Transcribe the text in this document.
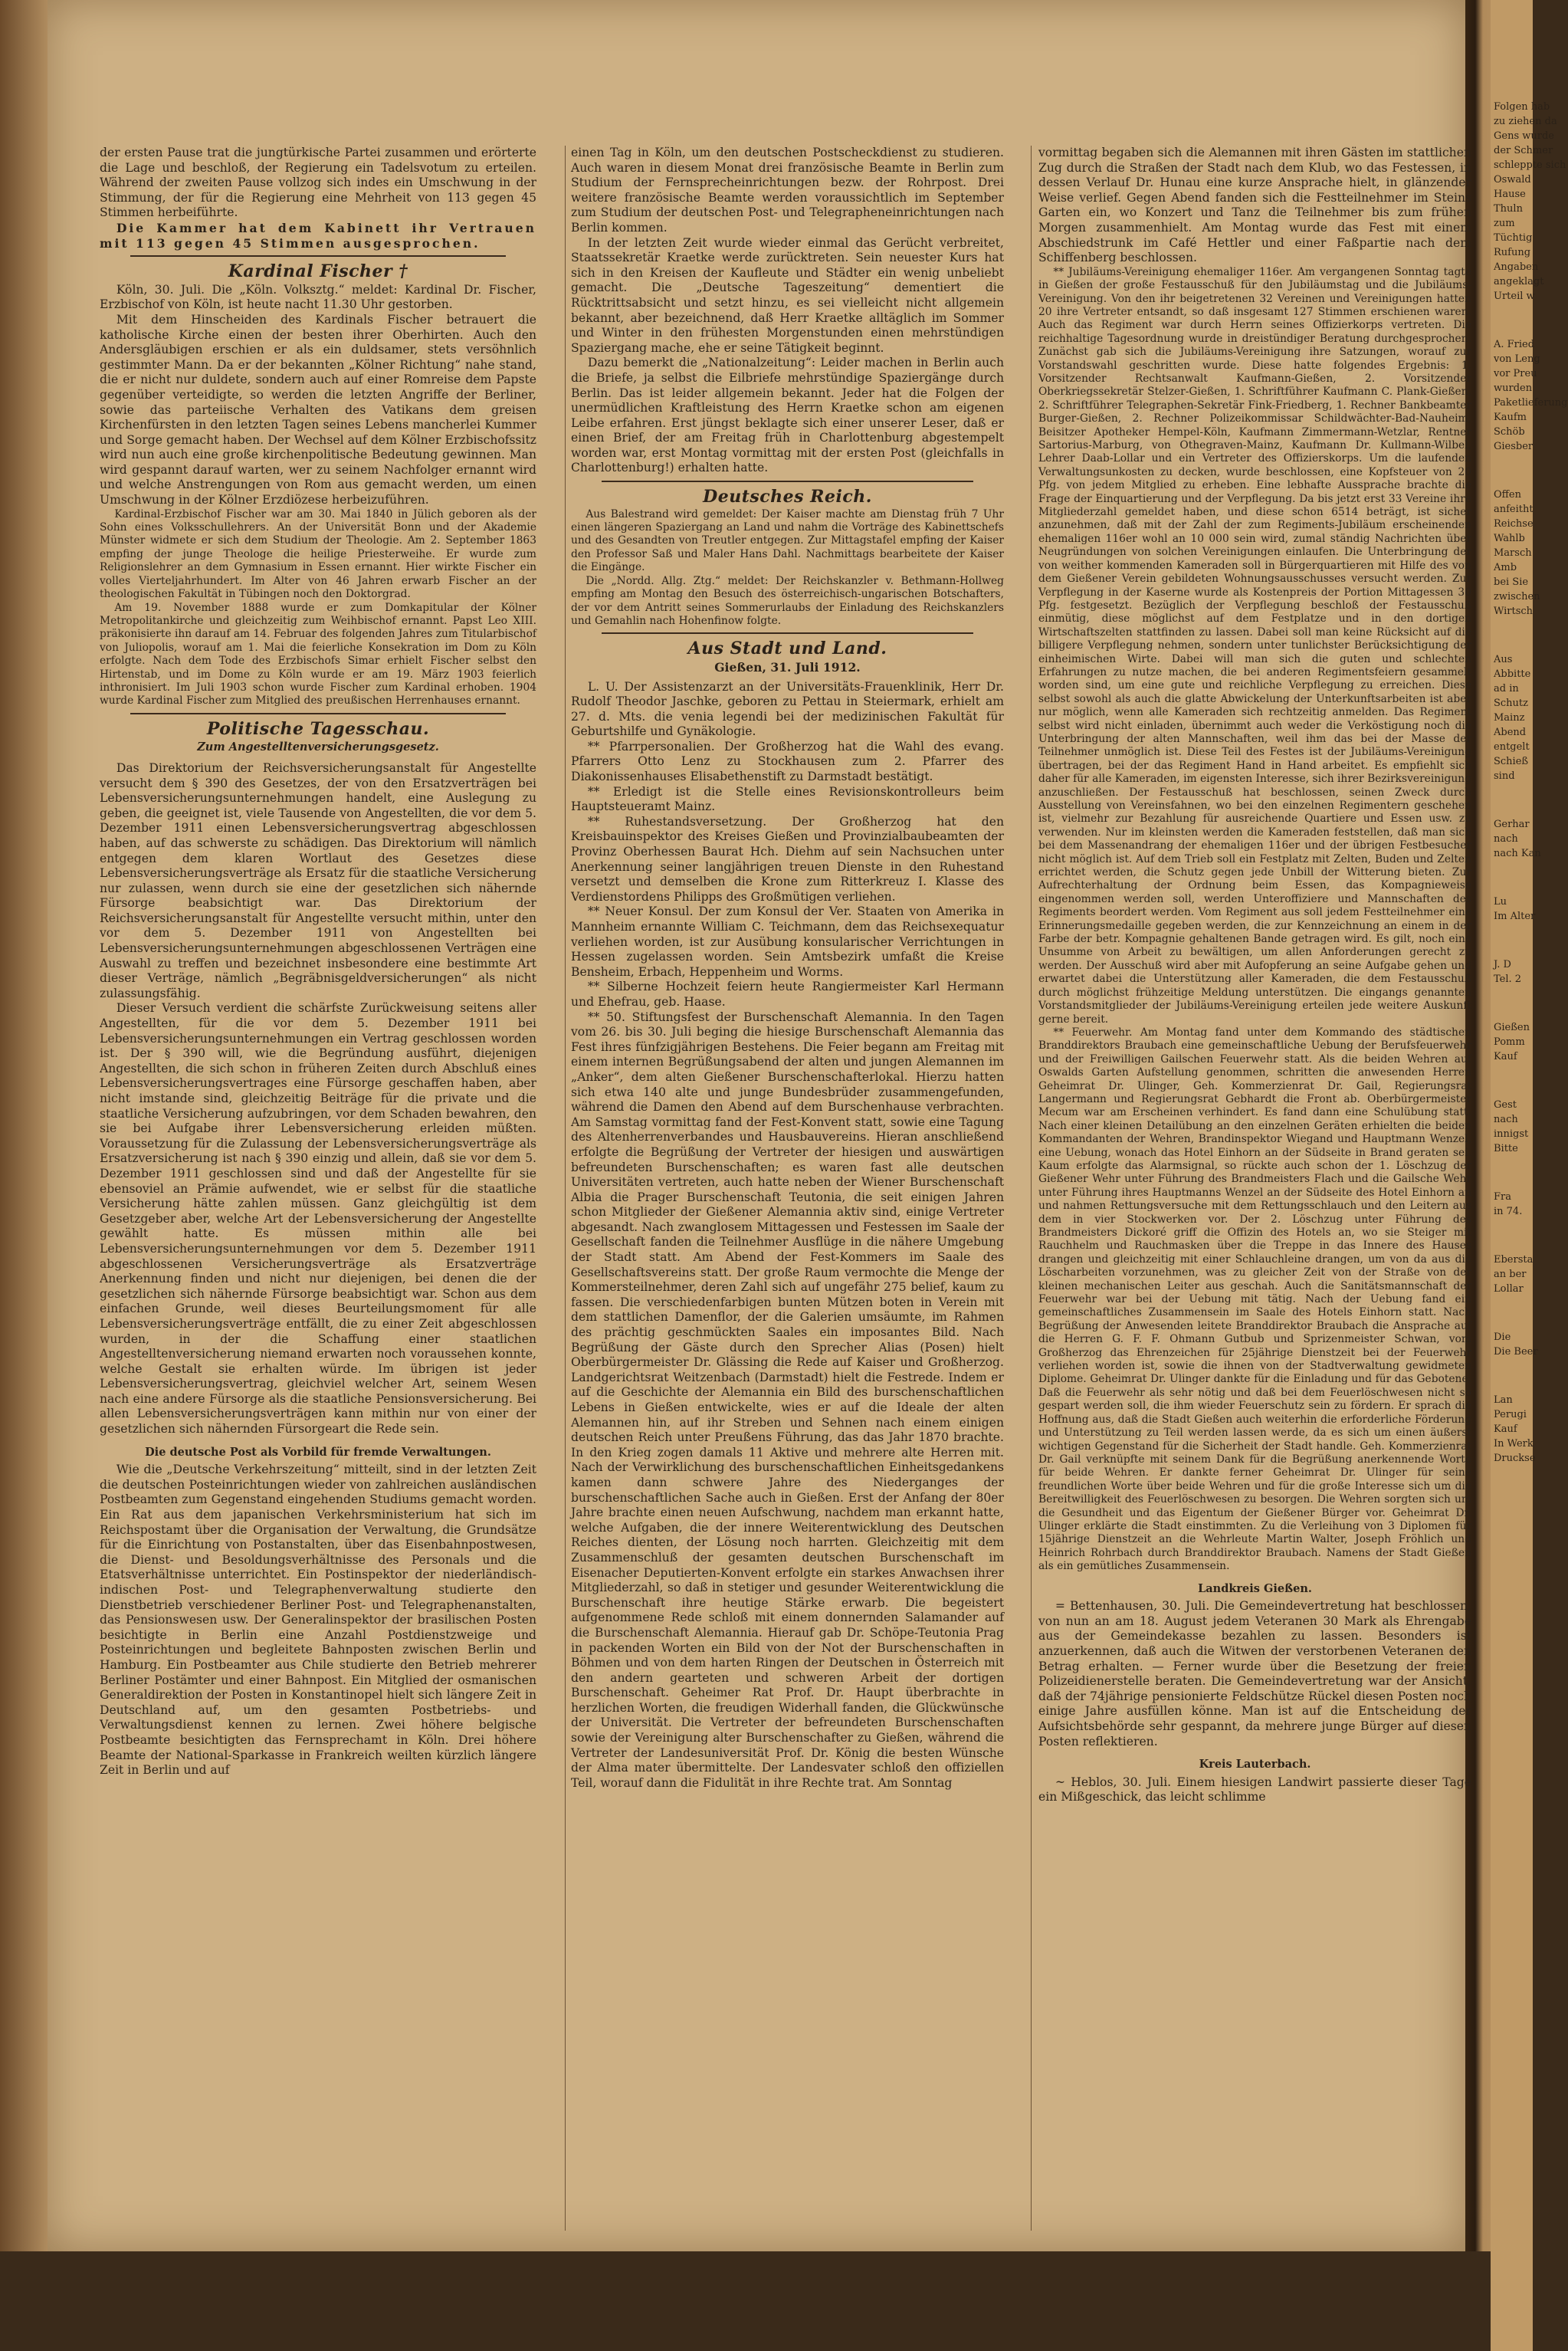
der ersten Pause trat die jungtürkische Partei zusammen und erörterte die Lage und beschloß, der Regierung ein Tadelsvotum zu erteilen. Während der zweiten Pause vollzog sich indes ein Umschwung in der Stimmung, der für die Regierung eine Mehrheit von 113 gegen 45 Stimmen herbeiführte.

Die Kammer hat dem Kabinett ihr Vertrauen mit 113 gegen 45 Stimmen ausgesprochen.

Kardinal Fischer †

Köln, 30. Juli. Die „Köln. Volksztg.“ meldet: Kardinal Dr. Fischer, Erzbischof von Köln, ist heute nacht 11.30 Uhr gestorben.

Mit dem Hinscheiden des Kardinals Fischer betrauert die katholische Kirche einen der besten ihrer Oberhirten. Auch den Andersgläubigen erschien er als ein duldsamer, stets versöhnlich gestimmter Mann. Da er der bekannten „Kölner Richtung“ nahe stand, die er nicht nur duldete, sondern auch auf einer Romreise dem Papste gegenüber verteidigte, so werden die letzten Angriffe der Berliner, sowie das parteiische Verhalten des Vatikans dem greisen Kirchenfürsten in den letzten Tagen seines Lebens mancherlei Kummer und Sorge gemacht haben. Der Wechsel auf dem Kölner Erzbischofssitz wird nun auch eine große kirchenpolitische Bedeutung gewinnen. Man wird gespannt darauf warten, wer zu seinem Nachfolger ernannt wird und welche Anstrengungen von Rom aus gemacht werden, um einen Umschwung in der Kölner Erzdiözese herbeizuführen.

Kardinal-Erzbischof Fischer war am 30. Mai 1840 in Jülich geboren als der Sohn eines Volksschullehrers. An der Universität Bonn und der Akademie Münster widmete er sich dem Studium der Theologie. Am 2. September 1863 empfing der junge Theologe die heilige Priesterweihe. Er wurde zum Religionslehrer an dem Gymnasium in Essen ernannt. Hier wirkte Fischer ein volles Vierteljahrhundert. Im Alter von 46 Jahren erwarb Fischer an der theologischen Fakultät in Tübingen noch den Doktorgrad.

Am 19. November 1888 wurde er zum Domkapitular der Kölner Metropolitankirche und gleichzeitig zum Weihbischof ernannt. Papst Leo XIII. präkonisierte ihn darauf am 14. Februar des folgenden Jahres zum Titularbischof von Juliopolis, worauf am 1. Mai die feierliche Konsekration im Dom zu Köln erfolgte. Nach dem Tode des Erzbischofs Simar erhielt Fischer selbst den Hirtenstab, und im Dome zu Köln wurde er am 19. März 1903 feierlich inthronisiert. Im Juli 1903 schon wurde Fischer zum Kardinal erhoben. 1904 wurde Kardinal Fischer zum Mitglied des preußischen Herrenhauses ernannt.

Politische Tagesschau.
Zum Angestelltenversicherungsgesetz.

Das Direktorium der Reichsversicherungsanstalt für Angestellte versucht dem § 390 des Gesetzes, der von den Ersatzverträgen bei Lebensversicherungsunternehmungen handelt, eine Auslegung zu geben, die geeignet ist, viele Tausende von Angestellten, die vor dem 5. Dezember 1911 einen Lebensversicherungsvertrag abgeschlossen haben, auf das schwerste zu schädigen. Das Direktorium will nämlich entgegen dem klaren Wortlaut des Gesetzes diese Lebensversicherungsverträge als Ersatz für die staatliche Versicherung nur zulassen, wenn durch sie eine der gesetzlichen sich nähernde Fürsorge beabsichtigt war. Das Direktorium der Reichsversicherungsanstalt für Angestellte versucht mithin, unter den vor dem 5. Dezember 1911 von Angestellten bei Lebensversicherungsunternehmungen abgeschlossenen Verträgen eine Auswahl zu treffen und bezeichnet insbesondere eine bestimmte Art dieser Verträge, nämlich „Begräbnisgeldversicherungen“ als nicht zulassungsfähig.

Dieser Versuch verdient die schärfste Zurückweisung seitens aller Angestellten, für die vor dem 5. Dezember 1911 bei Lebensversicherungsunternehmungen ein Vertrag geschlossen worden ist. Der § 390 will, wie die Begründung ausführt, diejenigen Angestellten, die sich schon in früheren Zeiten durch Abschluß eines Lebensversicherungsvertrages eine Fürsorge geschaffen haben, aber nicht imstande sind, gleichzeitig Beiträge für die private und die staatliche Versicherung aufzubringen, vor dem Schaden bewahren, den sie bei Aufgabe ihrer Lebensversicherung erleiden müßten. Voraussetzung für die Zulassung der Lebensversicherungsverträge als Ersatzversicherung ist nach § 390 einzig und allein, daß sie vor dem 5. Dezember 1911 geschlossen sind und daß der Angestellte für sie ebensoviel an Prämie aufwendet, wie er selbst für die staatliche Versicherung hätte zahlen müssen. Ganz gleichgültig ist dem Gesetzgeber aber, welche Art der Lebensversicherung der Angestellte gewählt hatte. Es müssen mithin alle bei Lebensversicherungsunternehmungen vor dem 5. Dezember 1911 abgeschlossenen Versicherungsverträge als Ersatzverträge Anerkennung finden und nicht nur diejenigen, bei denen die der gesetzlichen sich nähernde Fürsorge beabsichtigt war. Schon aus dem einfachen Grunde, weil dieses Beurteilungsmoment für alle Lebensversicherungsverträge entfällt, die zu einer Zeit abgeschlossen wurden, in der die Schaffung einer staatlichen Angestelltenversicherung niemand erwarten noch voraussehen konnte, welche Gestalt sie erhalten würde. Im übrigen ist jeder Lebensversicherungsvertrag, gleichviel welcher Art, seinem Wesen nach eine andere Fürsorge als die staatliche Pensionsversicherung. Bei allen Lebensversicherungsverträgen kann mithin nur von einer der gesetzlichen sich nähernden Fürsorgeart die Rede sein.

Die deutsche Post als Vorbild für fremde Verwaltungen.

Wie die „Deutsche Verkehrszeitung“ mitteilt, sind in der letzten Zeit die deutschen Posteinrichtungen wieder von zahlreichen ausländischen Postbeamten zum Gegenstand eingehenden Studiums gemacht worden. Ein Rat aus dem japanischen Verkehrsministerium hat sich im Reichspostamt über die Organisation der Verwaltung, die Grundsätze für die Einrichtung von Postanstalten, über das Eisenbahnpostwesen, die Dienst- und Besoldungsverhältnisse des Personals und die Etatsverhältnisse unterrichtet. Ein Postinspektor der niederländisch-indischen Post- und Telegraphenverwaltung studierte den Dienstbetrieb verschiedener Berliner Post- und Telegraphenanstalten, das Pensionswesen usw. Der Generalinspektor der brasilischen Posten besichtigte in Berlin eine Anzahl Postdienstzweige und Posteinrichtungen und begleitete Bahnposten zwischen Berlin und Hamburg. Ein Postbeamter aus Chile studierte den Betrieb mehrerer Berliner Postämter und einer Bahnpost. Ein Mitglied der osmanischen Generaldirektion der Posten in Konstantinopel hielt sich längere Zeit in Deutschland auf, um den gesamten Postbetriebs- und Verwaltungsdienst kennen zu lernen. Zwei höhere belgische Postbeamte besichtigten das Fernsprechamt in Köln. Drei höhere Beamte der National-Sparkasse in Frankreich weilten kürzlich längere Zeit in Berlin und auf

einen Tag in Köln, um den deutschen Postscheckdienst zu studieren. Auch waren in diesem Monat drei französische Beamte in Berlin zum Studium der Fernsprecheinrichtungen bezw. der Rohrpost. Drei weitere französische Beamte werden voraussichtlich im September zum Studium der deutschen Post- und Telegrapheneinrichtungen nach Berlin kommen.

In der letzten Zeit wurde wieder einmal das Gerücht verbreitet, Staatssekretär Kraetke werde zurücktreten. Sein neuester Kurs hat sich in den Kreisen der Kaufleute und Städter ein wenig unbeliebt gemacht. Die „Deutsche Tageszeitung“ dementiert die Rücktrittsabsicht und setzt hinzu, es sei vielleicht nicht allgemein bekannt, aber bezeichnend, daß Herr Kraetke alltäglich im Sommer und Winter in den frühesten Morgenstunden einen mehrstündigen Spaziergang mache, ehe er seine Tätigkeit beginnt.

Dazu bemerkt die „Nationalzeitung“: Leider machen in Berlin auch die Briefe, ja selbst die Eilbriefe mehrstündige Spaziergänge durch Berlin. Das ist leider allgemein bekannt. Jeder hat die Folgen der unermüdlichen Kraftleistung des Herrn Kraetke schon am eigenen Leibe erfahren. Erst jüngst beklagte sich einer unserer Leser, daß er einen Brief, der am Freitag früh in Charlottenburg abgestempelt worden war, erst Montag vormittag mit der ersten Post (gleichfalls in Charlottenburg!) erhalten hatte.

Deutsches Reich.

Aus Balestrand wird gemeldet: Der Kaiser machte am Dienstag früh 7 Uhr einen längeren Spaziergang an Land und nahm die Vorträge des Kabinettschefs und des Gesandten von Treutler entgegen. Zur Mittagstafel empfing der Kaiser den Professor Saß und Maler Hans Dahl. Nachmittags bearbeitete der Kaiser die Eingänge.

Die „Nordd. Allg. Ztg.“ meldet: Der Reichskanzler v. Bethmann-Hollweg empfing am Montag den Besuch des österreichisch-ungarischen Botschafters, der vor dem Antritt seines Sommerurlaubs der Einladung des Reichskanzlers und Gemahlin nach Hohenfinow folgte.

Aus Stadt und Land.
Gießen, 31. Juli 1912.

L. U. Der Assistenzarzt an der Universitäts-Frauenklinik, Herr Dr. Rudolf Theodor Jaschke, geboren zu Pettau in Steiermark, erhielt am 27. d. Mts. die venia legendi bei der medizinischen Fakultät für Geburtshilfe und Gynäkologie.

** Pfarrpersonalien. Der Großherzog hat die Wahl des evang. Pfarrers Otto Lenz zu Stockhausen zum 2. Pfarrer des Diakonissenhauses Elisabethenstift zu Darmstadt bestätigt.

** Erledigt ist die Stelle eines Revisionskontrolleurs beim Hauptsteueramt Mainz.

** Ruhestandsversetzung. Der Großherzog hat den Kreisbauinspektor des Kreises Gießen und Provinzialbaubeamten der Provinz Oberhessen Baurat Hch. Diehm auf sein Nachsuchen unter Anerkennung seiner langjährigen treuen Dienste in den Ruhestand versetzt und demselben die Krone zum Ritterkreuz I. Klasse des Verdienstordens Philipps des Großmütigen verliehen.

** Neuer Konsul. Der zum Konsul der Ver. Staaten von Amerika in Mannheim ernannte William C. Teichmann, dem das Reichsexequatur verliehen worden, ist zur Ausübung konsularischer Verrichtungen in Hessen zugelassen worden. Sein Amtsbezirk umfaßt die Kreise Bensheim, Erbach, Heppenheim und Worms.

** Silberne Hochzeit feiern heute Rangiermeister Karl Hermann und Ehefrau, geb. Haase.

** 50. Stiftungsfest der Burschenschaft Alemannia. In den Tagen vom 26. bis 30. Juli beging die hiesige Burschenschaft Alemannia das Fest ihres fünfzigjährigen Bestehens. Die Feier begann am Freitag mit einem internen Begrüßungsabend der alten und jungen Alemannen im „Anker“, dem alten Gießener Burschenschafterlokal. Hierzu hatten sich etwa 140 alte und junge Bundesbrüder zusammengefunden, während die Damen den Abend auf dem Burschenhause verbrachten. Am Samstag vormittag fand der Fest-Konvent statt, sowie eine Tagung des Altenherrenverbandes und Hausbauvereins. Hieran anschließend erfolgte die Begrüßung der Vertreter der hiesigen und auswärtigen befreundeten Burschenschaften; es waren fast alle deutschen Universitäten vertreten, auch hatte neben der Wiener Burschenschaft Albia die Prager Burschenschaft Teutonia, die seit einigen Jahren schon Mitglieder der Gießener Alemannia aktiv sind, einige Vertreter abgesandt. Nach zwanglosem Mittagessen und Festessen im Saale der Gesellschaft fanden die Teilnehmer Ausflüge in die nähere Umgebung der Stadt statt. Am Abend der Fest-Kommers im Saale des Gesellschaftsvereins statt. Der große Raum vermochte die Menge der Kommersteilnehmer, deren Zahl sich auf ungefähr 275 belief, kaum zu fassen. Die verschiedenfarbigen bunten Mützen boten in Verein mit dem stattlichen Damenflor, der die Galerien umsäumte, im Rahmen des prächtig geschmückten Saales ein imposantes Bild. Nach Begrüßung der Gäste durch den Sprecher Alias (Posen) hielt Oberbürgermeister Dr. Glässing die Rede auf Kaiser und Großherzog. Landgerichtsrat Weitzenbach (Darmstadt) hielt die Festrede. Indem er auf die Geschichte der Alemannia ein Bild des burschenschaftlichen Lebens in Gießen entwickelte, wies er auf die Ideale der alten Alemannen hin, auf ihr Streben und Sehnen nach einem einigen deutschen Reich unter Preußens Führung, das das Jahr 1870 brachte. In den Krieg zogen damals 11 Aktive und mehrere alte Herren mit. Nach der Verwirklichung des burschenschaftlichen Einheitsgedankens kamen dann schwere Jahre des Niederganges der burschenschaftlichen Sache auch in Gießen. Erst der Anfang der 80er Jahre brachte einen neuen Aufschwung, nachdem man erkannt hatte, welche Aufgaben, die der innere Weiterentwicklung des Deutschen Reiches dienten, der Lösung noch harrten. Gleichzeitig mit dem Zusammenschluß der gesamten deutschen Burschenschaft im Eisenacher Deputierten-Konvent erfolgte ein starkes Anwachsen ihrer Mitgliederzahl, so daß in stetiger und gesunder Weiterentwicklung die Burschenschaft ihre heutige Stärke erwarb. Die begeistert aufgenommene Rede schloß mit einem donnernden Salamander auf die Burschenschaft Alemannia. Hierauf gab Dr. Schöpe-Teutonia Prag in packenden Worten ein Bild von der Not der Burschenschaften in Böhmen und von dem harten Ringen der Deutschen in Österreich mit den andern gearteten und schweren Arbeit der dortigen Burschenschaft. Geheimer Rat Prof. Dr. Haupt überbrachte in herzlichen Worten, die freudigen Widerhall fanden, die Glückwünsche der Universität. Die Vertreter der befreundeten Burschenschaften sowie der Vereinigung alter Burschenschafter zu Gießen, während die Vertreter der Landesuniversität Prof. Dr. König die besten Wünsche der Alma mater übermittelte. Der Landesvater schloß den offiziellen Teil, worauf dann die Fidulität in ihre Rechte trat. Am Sonntag

vormittag begaben sich die Alemannen mit ihren Gästen im stattlichen Zug durch die Straßen der Stadt nach dem Klub, wo das Festessen, in dessen Verlauf Dr. Hunau eine kurze Ansprache hielt, in glänzender Weise verlief. Gegen Abend fanden sich die Festteilnehmer im Steins Garten ein, wo Konzert und Tanz die Teilnehmer bis zum frühen Morgen zusammenhielt. Am Montag wurde das Fest mit einem Abschiedstrunk im Café Hettler und einer Faßpartie nach dem Schiffenberg beschlossen.

** Jubiläums-Vereinigung ehemaliger 116er. Am vergangenen Sonntag tagte in Gießen der große Festausschuß für den Jubiläumstag und die Jubiläums-Vereinigung. Von den ihr beigetretenen 32 Vereinen und Vereinigungen hatten 20 ihre Vertreter entsandt, so daß insgesamt 127 Stimmen erschienen waren. Auch das Regiment war durch Herrn seines Offizierkorps vertreten. Die reichhaltige Tagesordnung wurde in dreistündiger Beratung durchgesprochen. Zunächst gab sich die Jubiläums-Vereinigung ihre Satzungen, worauf zur Vorstandswahl geschritten wurde. Diese hatte folgendes Ergebnis: 1. Vorsitzender Rechtsanwalt Kaufmann-Gießen, 2. Vorsitzender Oberkriegssekretär Stelzer-Gießen, 1. Schriftführer Kaufmann C. Plank-Gießen, 2. Schriftführer Telegraphen-Sekretär Fink-Friedberg, 1. Rechner Bankbeamter Burger-Gießen, 2. Rechner Polizeikommissar Schildwächter-Bad-Nauheim, Beisitzer Apotheker Hempel-Köln, Kaufmann Zimmermann-Wetzlar, Rentner Sartorius-Marburg, von Othegraven-Mainz, Kaufmann Dr. Kullmann-Wilbel, Lehrer Daab-Lollar und ein Vertreter des Offizierskorps. Um die laufenden Verwaltungsunkosten zu decken, wurde beschlossen, eine Kopfsteuer von 20 Pfg. von jedem Mitglied zu erheben. Eine lebhafte Aussprache brachte die Frage der Einquartierung und der Verpflegung. Da bis jetzt erst 33 Vereine ihre Mitgliederzahl gemeldet haben, und diese schon 6514 beträgt, ist sicher anzunehmen, daß mit der Zahl der zum Regiments-Jubiläum erscheinenden ehemaligen 116er wohl an 10 000 sein wird, zumal ständig Nachrichten über Neugründungen von solchen Vereinigungen einlaufen. Die Unterbringung der von weither kommenden Kameraden soll in Bürgerquartieren mit Hilfe des von dem Gießener Verein gebildeten Wohnungsausschusses versucht werden. Zur Verpflegung in der Kaserne wurde als Kostenpreis der Portion Mittagessen 30 Pfg. festgesetzt. Bezüglich der Verpflegung beschloß der Festausschuß einmütig, diese möglichst auf dem Festplatze und in den dortigen Wirtschaftszelten stattfinden zu lassen. Dabei soll man keine Rücksicht auf die billigere Verpflegung nehmen, sondern unter tunlichster Berücksichtigung der einheimischen Wirte. Dabei will man sich die guten und schlechten Erfahrungen zu nutze machen, die bei anderen Regimentsfeiern gesammelt worden sind, um eine gute und reichliche Verpflegung zu erreichen. Diese selbst sowohl als auch die glatte Abwickelung der Unterkunftsarbeiten ist aber nur möglich, wenn alle Kameraden sich rechtzeitig anmelden. Das Regiment selbst wird nicht einladen, übernimmt auch weder die Verköstigung noch die Unterbringung der alten Mannschaften, weil ihm das bei der Masse der Teilnehmer unmöglich ist. Diese Teil des Festes ist der Jubiläums-Vereinigung übertragen, bei der das Regiment Hand in Hand arbeitet. Es empfiehlt sich daher für alle Kameraden, im eigensten Interesse, sich ihrer Bezirksvereinigung anzuschließen. Der Festausschuß hat beschlossen, seinen Zweck durch Ausstellung von Vereinsfahnen, wo bei den einzelnen Regimentern geschehen ist, vielmehr zur Bezahlung für ausreichende Quartiere und Essen usw. zu verwenden. Nur im kleinsten werden die Kameraden feststellen, daß man sich bei dem Massenandrang der ehemaligen 116er und der übrigen Festbesucher nicht möglich ist. Auf dem Trieb soll ein Festplatz mit Zelten, Buden und Zelten errichtet werden, die Schutz gegen jede Unbill der Witterung bieten. Zur Aufrechterhaltung der Ordnung beim Essen, das Kompagnieweise eingenommen werden soll, werden Unteroffiziere und Mannschaften des Regiments beordert werden. Vom Regiment aus soll jedem Festteilnehmer eine Erinnerungsmedaille gegeben werden, die zur Kennzeichnung an einem in der Farbe der betr. Kompagnie gehaltenen Bande getragen wird. Es gilt, noch eine Unsumme von Arbeit zu bewältigen, um allen Anforderungen gerecht zu werden. Der Ausschuß wird aber mit Aufopferung an seine Aufgabe gehen und erwartet dabei die Unterstützung aller Kameraden, die dem Festausschuß durch möglichst frühzeitige Meldung unterstützen. Die eingangs genannten Vorstandsmitglieder der Jubiläums-Vereinigung erteilen jede weitere Auskunft gerne bereit.

** Feuerwehr. Am Montag fand unter dem Kommando des städtischen Branddirektors Braubach eine gemeinschaftliche Uebung der Berufsfeuerwehr und der Freiwilligen Gailschen Feuerwehr statt. Als die beiden Wehren auf Oswalds Garten Aufstellung genommen, schritten die anwesenden Herren Geheimrat Dr. Ulinger, Geh. Kommerzienrat Dr. Gail, Regierungsrat Langermann und Regierungsrat Gebhardt die Front ab. Oberbürgermeister Mecum war am Erscheinen verhindert. Es fand dann eine Schulübung statt. Nach einer kleinen Detailübung an den einzelnen Geräten erhielten die beiden Kommandanten der Wehren, Brandinspektor Wiegand und Hauptmann Wenzel, eine Uebung, wonach das Hotel Einhorn an der Südseite in Brand geraten sei. Kaum erfolgte das Alarmsignal, so rückte auch schon der 1. Löschzug der Gießener Wehr unter Führung des Brandmeisters Flach und die Gailsche Wehr unter Führung ihres Hauptmanns Wenzel an der Südseite des Hotel Einhorn an und nahmen Rettungsversuche mit dem Rettungsschlauch und den Leitern aus dem in vier Stockwerken vor. Der 2. Löschzug unter Führung des Brandmeisters Dickoré griff die Offizin des Hotels an, wo sie Steiger mit Rauchhelm und Rauchmasken über die Treppe in das Innere des Hauses drangen und gleichzeitig mit einer Schlauchleine drangen, um von da aus die Löscharbeiten vorzunehmen, was zu gleicher Zeit von der Straße von der kleinen mechanischen Leiter aus geschah. Auch die Sanitätsmannschaft der Feuerwehr war bei der Uebung mit tätig. Nach der Uebung fand ein gemeinschaftliches Zusammensein im Saale des Hotels Einhorn statt. Nach Begrüßung der Anwesenden leitete Branddirektor Braubach die Ansprache auf die Herren G. F. F. Ohmann Gutbub und Sprizenmeister Schwan, vom Großherzog das Ehrenzeichen für 25jährige Dienstzeit bei der Feuerwehr verliehen worden ist, sowie die ihnen von der Stadtverwaltung gewidmeten Diplome. Geheimrat Dr. Ulinger dankte für die Einladung und für das Gebotene. Daß die Feuerwehr als sehr nötig und daß bei dem Feuerlöschwesen nicht so gespart werden soll, die ihm wieder Feuerschutz sein zu fördern. Er sprach die Hoffnung aus, daß die Stadt Gießen auch weiterhin die erforderliche Förderung und Unterstützung zu Teil werden lassen werde, da es sich um einen äußerst wichtigen Gegenstand für die Sicherheit der Stadt handle. Geh. Kommerzienrat Dr. Gail verknüpfte mit seinem Dank für die Begrüßung anerkennende Worte für beide Wehren. Er dankte ferner Geheimrat Dr. Ulinger für seine freundlichen Worte über beide Wehren und für die große Interesse sich um die Bereitwilligkeit des Feuerlöschwesen zu besorgen. Die Wehren sorgten sich um die Gesundheit und das Eigentum der Gießener Bürger vor. Geheimrat Dr. Ulinger erklärte die Stadt einstimmten. Zu die Verleihung von 3 Diplomen für 15jährige Dienstzeit an die Wehrleute Martin Walter, Joseph Fröhlich und Heinrich Rohrbach durch Branddirektor Braubach. Namens der Stadt Gießen als ein gemütliches Zusammensein.

Landkreis Gießen.

= Bettenhausen, 30. Juli. Die Gemeindevertretung hat beschlossen, von nun an am 18. August jedem Veteranen 30 Mark als Ehrengabe aus der Gemeindekasse bezahlen zu lassen. Besonders ist anzuerkennen, daß auch die Witwen der verstorbenen Veteranen den Betrag erhalten. — Ferner wurde über die Besetzung der freien Polizeidienerstelle beraten. Die Gemeindevertretung war der Ansicht, daß der 74jährige pensionierte Feldschütze Rückel diesen Posten noch einige Jahre ausfüllen könne. Man ist auf die Entscheidung der Aufsichtsbehörde sehr gespannt, da mehrere junge Bürger auf diesen Posten reflektieren.

Kreis Lauterbach.

~ Heblos, 30. Juli. Einem hiesigen Landwirt passierte dieser Tage ein Mißgeschick, das leicht schlimme

Folgen hab
zu ziehen da
Gens wurde
der Schmer
schleppte sich
Oswald
Hause
Thuln
zum
Tüchtig
Rufung
Angaben
angeklagt
Urteil w
A. Fried
von Leng
vor Preu
wurden
Paketlieferung
Kaufm
Schöb
Giesber
Offen
anfeitht
Reichse
Wahlb
Marsch
Amb
bei Sie
zwischen
Wirtsch
Aus
Abbitte
ad in
Schutz
Mainz
Abend
entgelt
Schieß
sind
Gerhar
nach
nach Kan
Lu
Im Alter
J. D
Tel. 2
Gießen
Pomm
Kauf
Gest
nach
innigst
Bitte
Fra
in 74.
Ebersta
an ber
Lollar
Die
Die Beer
Lan
Perugi
Kauf
In Werk
Druckse
